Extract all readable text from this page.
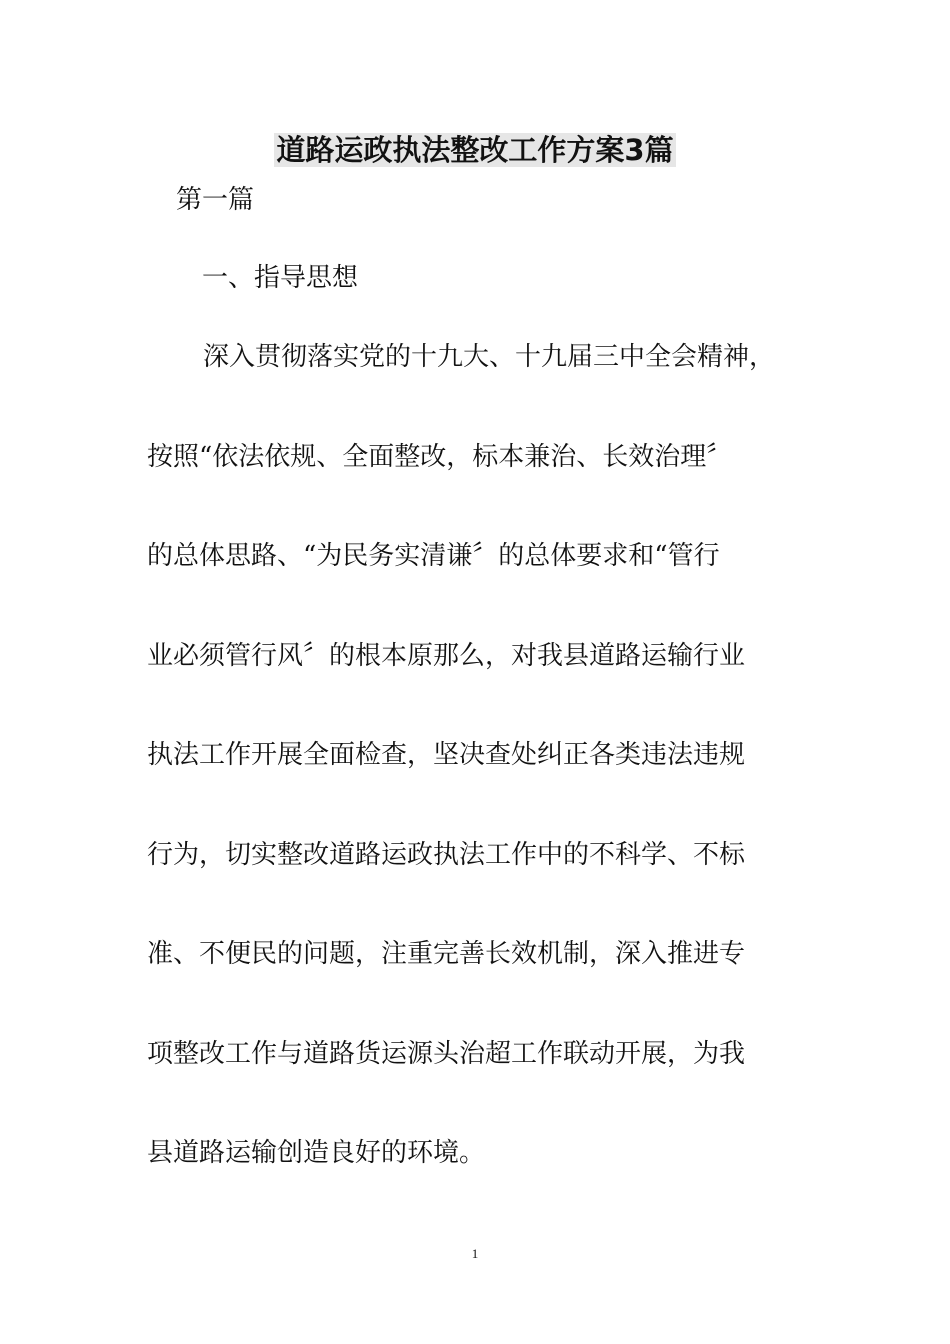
道路运政执法整改工作方案3篇
第一篇
一、指导思想
深入贯彻落实党的十九大、十九届三中全会精神，
按照“依法依规、全面整改，标本兼治、长效治理〞
的总体思路、“为民务实清谦〞的总体要求和“管行
业必须管行风〞的根本原那么，对我县道路运输行业
执法工作开展全面检查，坚决查处纠正各类违法违规
行为，切实整改道路运政执法工作中的不科学、不标
准、不便民的问题，注重完善长效机制，深入推进专
项整改工作与道路货运源头治超工作联动开展，为我
县道路运输创造良好的环境。
1
